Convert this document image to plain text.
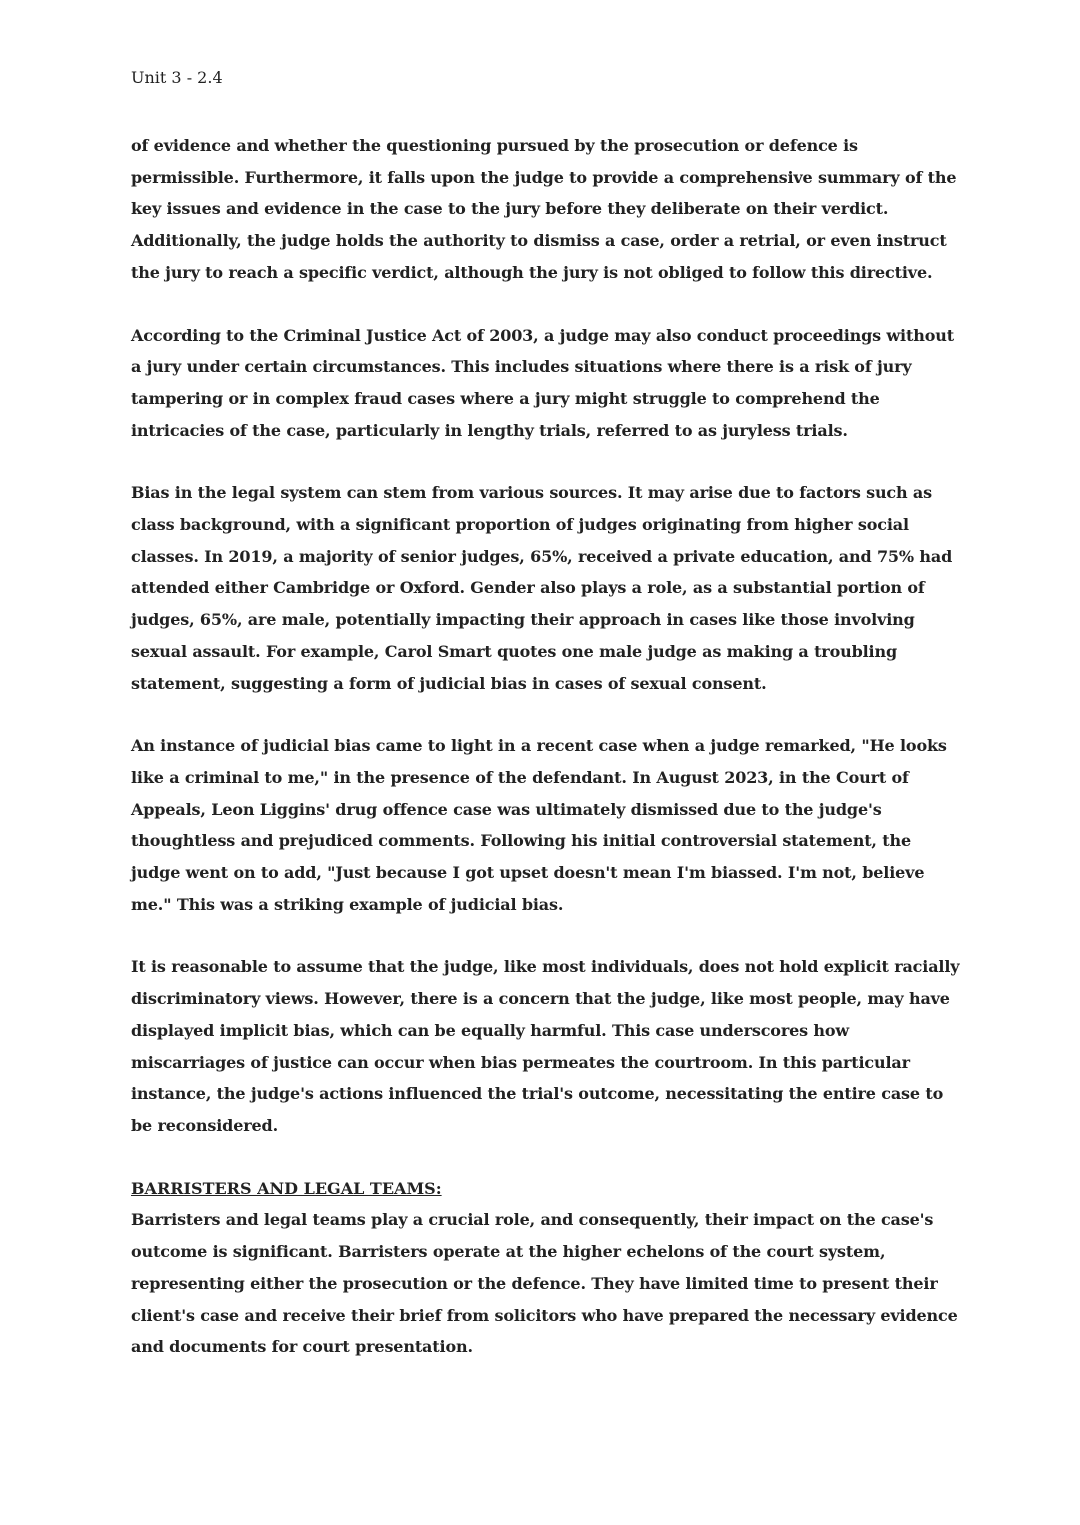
Unit 3 - 2.4

of evidence and whether the questioning pursued by the prosecution or defence is permissible. Furthermore, it falls upon the judge to provide a comprehensive summary of the key issues and evidence in the case to the jury before they deliberate on their verdict. Additionally, the judge holds the authority to dismiss a case, order a retrial, or even instruct the jury to reach a specific verdict, although the jury is not obliged to follow this directive.

According to the Criminal Justice Act of 2003, a judge may also conduct proceedings without a jury under certain circumstances. This includes situations where there is a risk of jury tampering or in complex fraud cases where a jury might struggle to comprehend the intricacies of the case, particularly in lengthy trials, referred to as juryless trials.

Bias in the legal system can stem from various sources. It may arise due to factors such as class background, with a significant proportion of judges originating from higher social classes. In 2019, a majority of senior judges, 65%, received a private education, and 75% had attended either Cambridge or Oxford. Gender also plays a role, as a substantial portion of judges, 65%, are male, potentially impacting their approach in cases like those involving sexual assault. For example, Carol Smart quotes one male judge as making a troubling statement, suggesting a form of judicial bias in cases of sexual consent.

An instance of judicial bias came to light in a recent case when a judge remarked, "He looks like a criminal to me," in the presence of the defendant. In August 2023, in the Court of Appeals, Leon Liggins' drug offence case was ultimately dismissed due to the judge's thoughtless and prejudiced comments. Following his initial controversial statement, the judge went on to add, "Just because I got upset doesn't mean I'm biassed. I'm not, believe me." This was a striking example of judicial bias.

It is reasonable to assume that the judge, like most individuals, does not hold explicit racially discriminatory views. However, there is a concern that the judge, like most people, may have displayed implicit bias, which can be equally harmful. This case underscores how miscarriages of justice can occur when bias permeates the courtroom. In this particular instance, the judge's actions influenced the trial's outcome, necessitating the entire case to be reconsidered.

BARRISTERS AND LEGAL TEAMS:

Barristers and legal teams play a crucial role, and consequently, their impact on the case's outcome is significant. Barristers operate at the higher echelons of the court system, representing either the prosecution or the defence. They have limited time to present their client's case and receive their brief from solicitors who have prepared the necessary evidence and documents for court presentation.
